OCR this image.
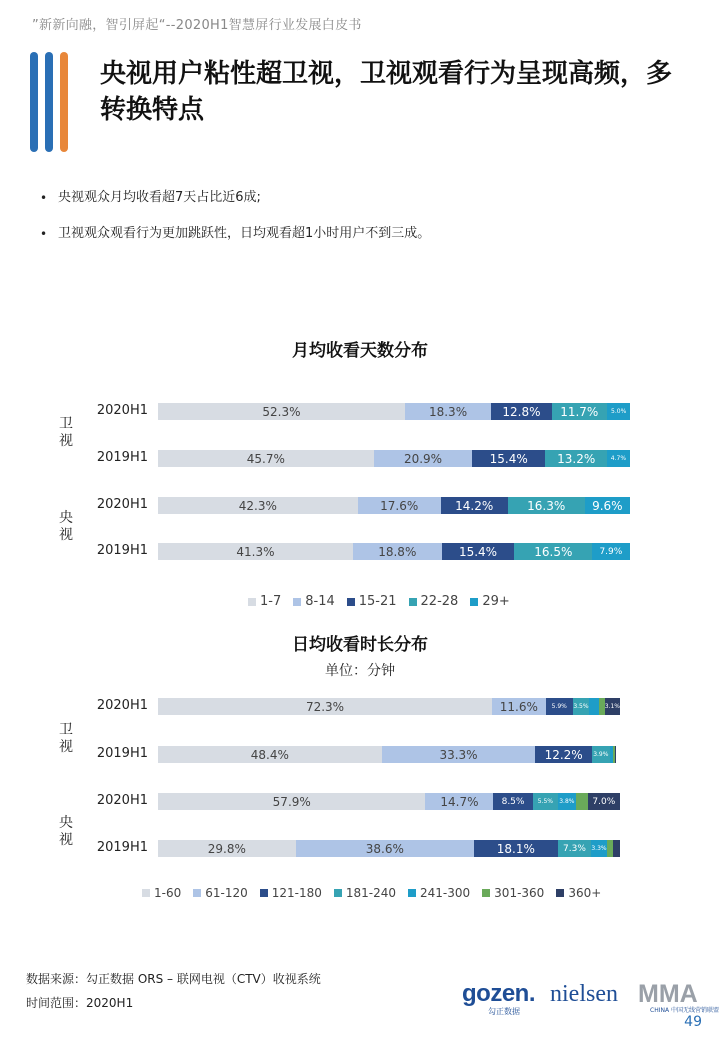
”新新向融，智引屏起“--2020H1智慧屏行业发展白皮书
央视用户粘性超卫视，卫视观看行为呈现高频，多转换特点
• 央视观众月均收看超7天占比近6成;
• 卫视观众观看行为更加跳跃性，日均观看超1小时用户不到三成。
月均收看天数分布
2020H1	52.3%	18.3%	12.8% 11.7% 5.0%
2019H1	45.7%	20.9%	15.4% 13.2%	4.7%
2020H1	42.3%	17.6%	14.2%	16.3% 9.6%
2019H1	41.3%	18.8%	15.4%	16.5%	7.9%
卫视
央视
1-7 8-14 15-21 22-28 29+
日均收看时长分布
单位：分钟
2020H1	72.3%	11.6% 5.9% 3.5%	3.1%
2019H1	48.4%	33.3%	12.2% 3.9%
2020H1	57.9%	14.7%	8.5% 5.5% 3.8% 7.0%
2019H1	29.8%	38.6%	18.1%	7.3% 3.3%
卫视
央视
1-60 61-120 121-180 181-240 241-300 301-360 360+
数据来源：勾正数据 ORS – 联网电视（CTV）收视系统
时间范围：2020H1	gozen.
勾正数据
nielsen MMA
CHINA 中国无线营销联盟
49
